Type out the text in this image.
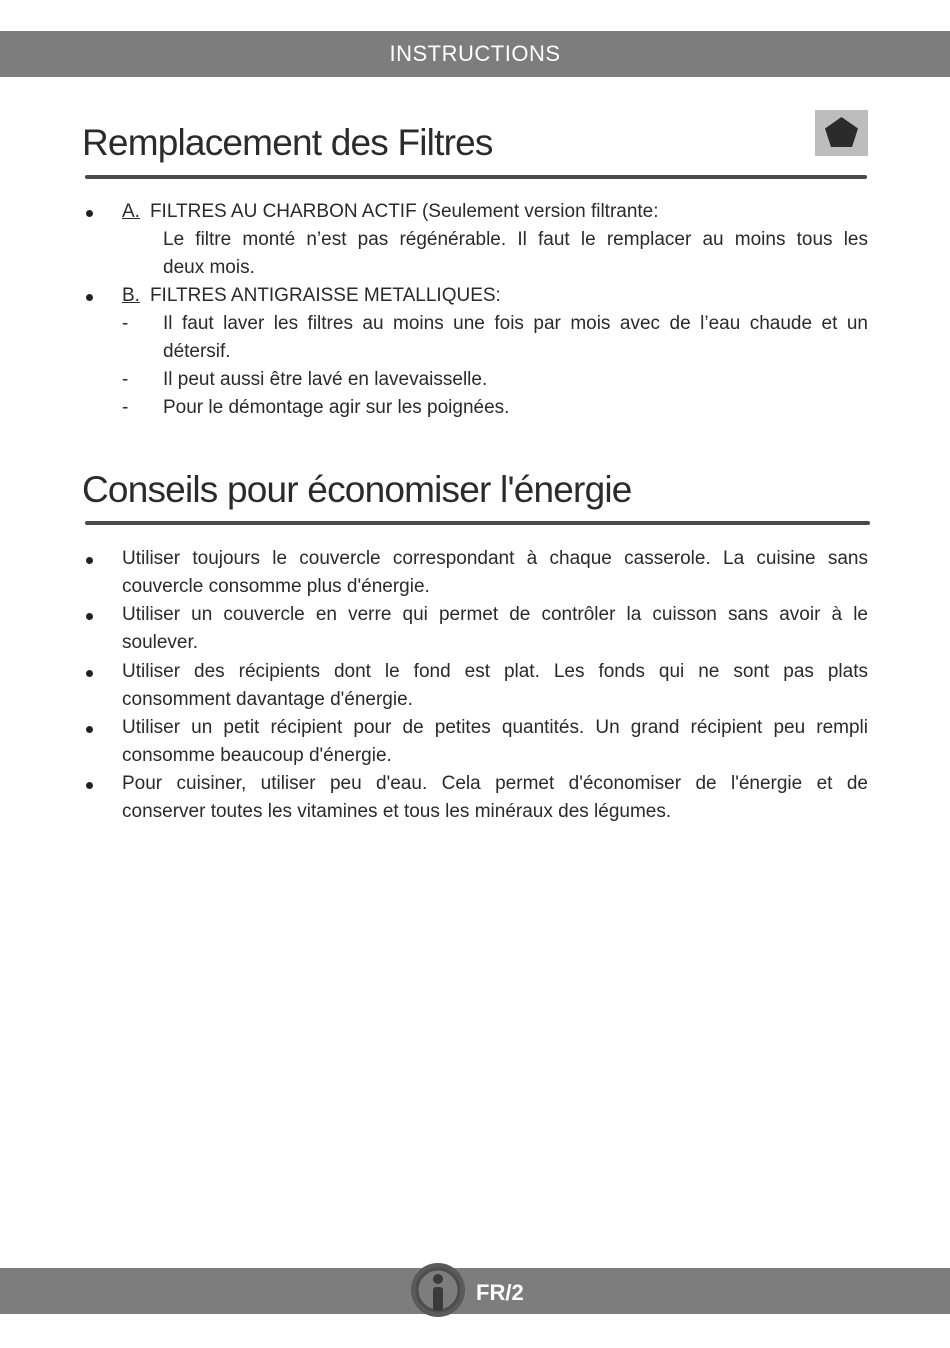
INSTRUCTIONS
Remplacement des Filtres
A. FILTRES AU CHARBON ACTIF (Seulement version filtrante:
Le filtre monté n’est pas régénérable. Il faut le remplacer au moins tous les
deux mois.
B. FILTRES ANTIGRAISSE METALLIQUES:
- Il faut laver les filtres au moins une fois par mois avec de l’eau chaude et un
détersif.
- Il peut aussi être lavé en lavevaisselle.
- Pour le démontage agir sur les poignées.
Conseils pour économiser l'énergie
Utiliser toujours le couvercle correspondant à chaque casserole. La cuisine sans
couvercle consomme plus d'énergie.
Utiliser un couvercle en verre qui permet de contrôler la cuisson sans avoir à le
soulever.
Utiliser des récipients dont le fond est plat. Les fonds qui ne sont pas plats
consomment davantage d'énergie.
Utiliser un petit récipient pour de petites quantités. Un grand récipient peu rempli
consomme beaucoup d'énergie.
Pour cuisiner, utiliser peu d'eau. Cela permet d'économiser de l'énergie et de
conserver toutes les vitamines et tous les minéraux des légumes.
FR/2
